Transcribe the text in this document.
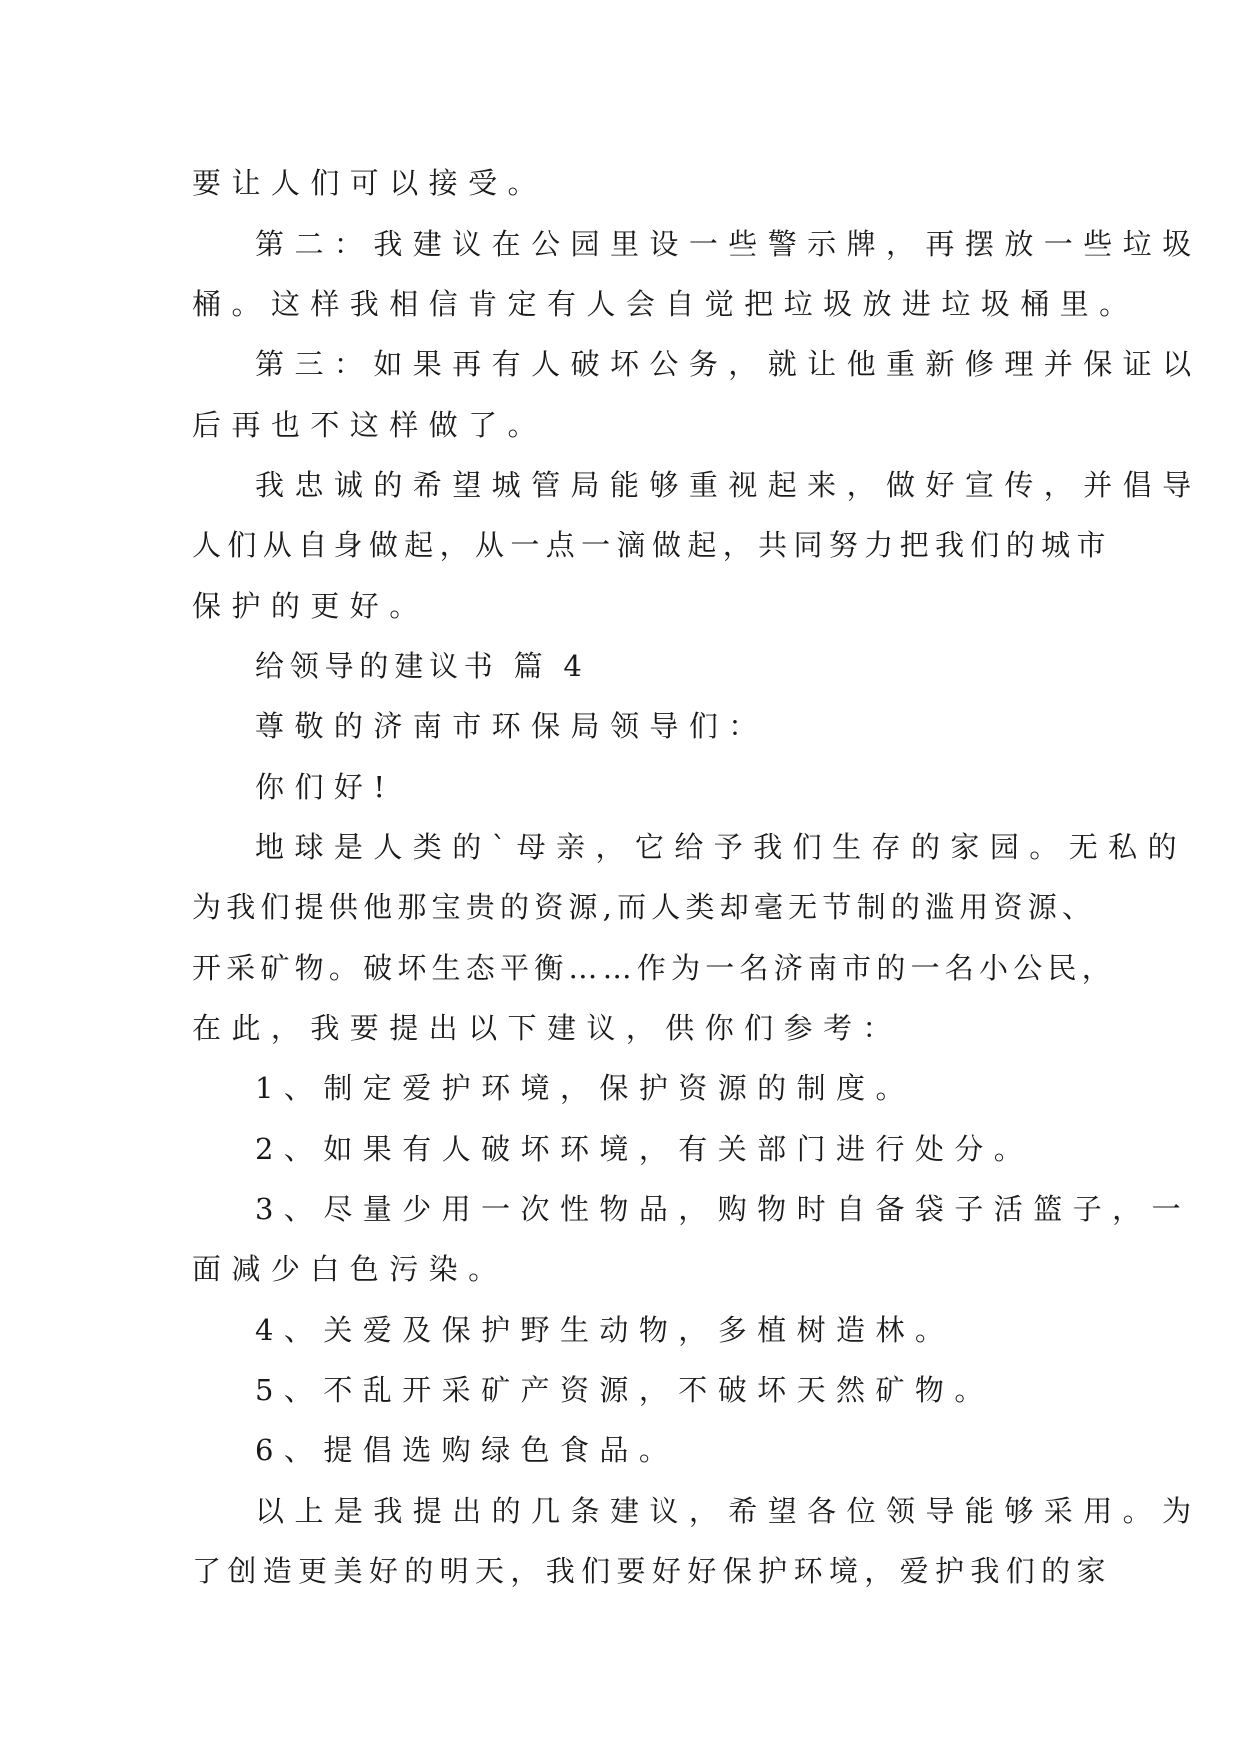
要让人们可以接受。
第二：我建议在公园里设一些警示牌，再摆放一些垃圾
桶。这样我相信肯定有人会自觉把垃圾放进垃圾桶里。
第三：如果再有人破坏公务，就让他重新修理并保证以
后再也不这样做了。
我忠诚的希望城管局能够重视起来，做好宣传，并倡导
人们从自身做起，从一点一滴做起，共同努力把我们的城市
保护的更好。
给领导的建议书 篇 4
尊敬的济南市环保局领导们：
你们好!
地球是人类的`母亲，它给予我们生存的家园。无私的
为我们提供他那宝贵的资源,而人类却毫无节制的滥用资源、
开采矿物。破坏生态平衡……作为一名济南市的一名小公民，
在此，我要提出以下建议，供你们参考：
1、制定爱护环境，保护资源的制度。
2、如果有人破坏环境，有关部门进行处分。
3、尽量少用一次性物品，购物时自备袋子活篮子，一
面减少白色污染。
4、关爱及保护野生动物，多植树造林。
5、不乱开采矿产资源，不破坏天然矿物。
6、提倡选购绿色食品。
以上是我提出的几条建议，希望各位领导能够采用。为
了创造更美好的明天，我们要好好保护环境，爱护我们的家
